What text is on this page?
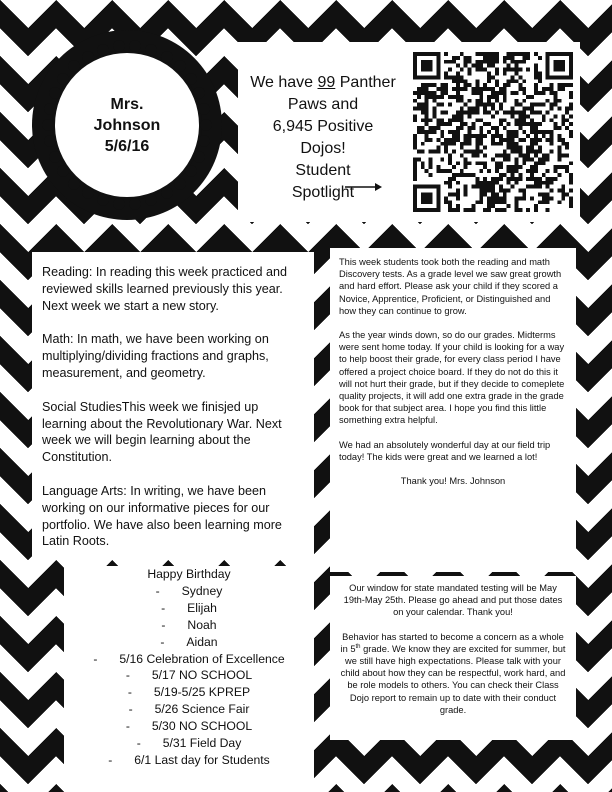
Mrs.
Johnson
5/6/16
We have 99 Panther
Paws and
6,945 Positive
Dojos!
Student
Spotlight

Reading: In reading this week practiced and reviewed skills learned previously this year. Next week we start a new story.

Math: In math, we have been working on multiplying/dividing fractions and graphs, measurement, and geometry.

Social StudiesThis week we finisjed up learning about the Revolutionary War. Next week we will begin learning about the Constitution.

Language Arts: In writing, we have been working on our informative pieces for our portfolio. We have also been learning more Latin Roots.

This week students took both the reading and math Discovery tests. As a grade level we saw great growth and hard effort. Please ask your child if they scored a Novice, Apprentice, Proficient, or Distinguished and how they can continue to grow.

As the year winds down, so do our grades. Midterms were sent home today. If your child is looking for a way to help boost their grade, for every class period I have offered a project choice board. If they do not do this it will not hurt their grade, but if they decide to comeplete quality projects, it will add one extra grade in the grade book for that subject area. I hope you find this little something extra helpful.

We had an absolutely wonderful day at our field trip today! The kids were great and we learned a lot!

Thank you! Mrs. Johnson

Happy Birthday
- Sydney
- Elijah
- Noah
- Aidan
- 5/16 Celebration of Excellence
- 5/17 NO SCHOOL
- 5/19-5/25 KPREP
- 5/26 Science Fair
- 5/30 NO SCHOOL
- 5/31 Field Day
- 6/1 Last day for Students

Our window for state mandated testing will be May 19th-May 25th. Please go ahead and put those dates on your calendar. Thank you!

Behavior has started to become a concern as a whole in 5th grade. We know they are excited for summer, but we still have high expectations. Please talk with your child about how they can be respectful, work hard, and be role models to others. You can check their Class Dojo report to remain up to date with their conduct grade.
